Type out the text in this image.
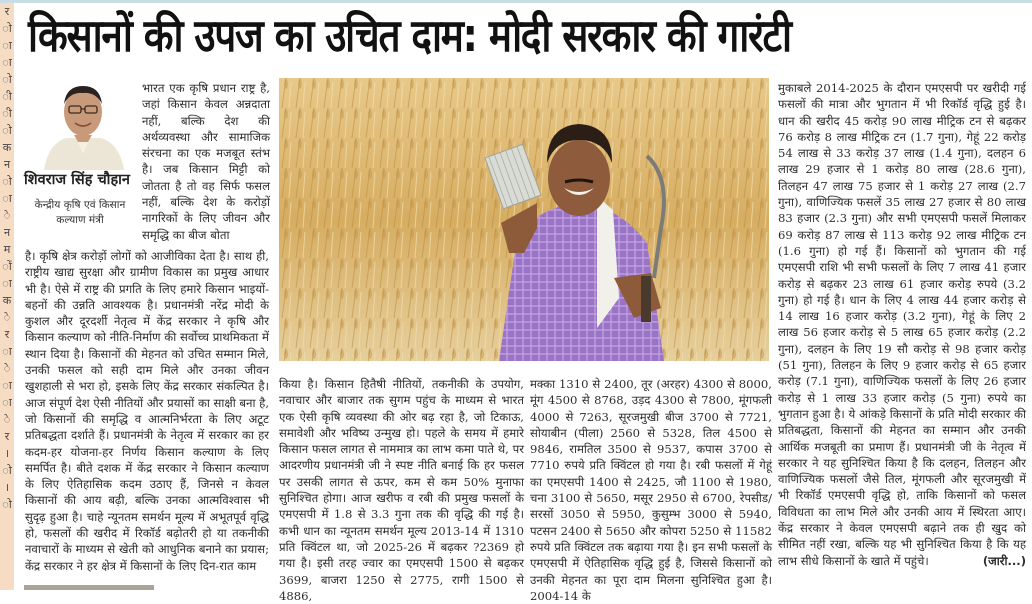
र
ो
ा
ा
ो
ी
ी
ो
क
न
ो
ा
े
न
म
ों
ा
क
े
र
ा
े
ा
ा
े
र
।
ो
।
ो
किसानों की उपज का उचित दाम: मोदी सरकार की गारंटी
शिवराज सिंह चौहान
केन्द्रीय कृषि एवं किसान कल्याण मंत्री

भारत एक कृषि प्रधान राष्ट्र है, जहां किसान केवल अन्नदाता नहीं, बल्कि देश की अर्थव्यवस्था और सामाजिक संरचना का एक मजबूत स्तंभ है। जब किसान मिट्टी को जोतता है तो वह सिर्फ फसल नहीं, बल्कि देश के करोड़ों नागरिकों के लिए जीवन और समृद्धि का बीज बोता

है। कृषि क्षेत्र करोड़ों लोगों को आजीविका देता है। साथ ही, राष्ट्रीय खाद्य सुरक्षा और ग्रामीण विकास का प्रमुख आधार भी है। ऐसे में राष्ट्र की प्रगति के लिए हमारे किसान भाइयों- बहनों की उन्नति आवश्यक है। प्रधानमंत्री नरेंद्र मोदी के कुशल और दूरदर्शी नेतृत्व में केंद्र सरकार ने कृषि और किसान कल्याण को नीति-निर्माण की सर्वोच्च प्राथमिकता में स्थान दिया है। किसानों की मेहनत को उचित सम्मान मिले, उनकी फसल को सही दाम मिले और उनका जीवन खुशहाली से भरा हो, इसके लिए केंद्र सरकार संकल्पित है। आज संपूर्ण देश ऐसी नीतियों और प्रयासों का साक्षी बना है, जो किसानों की समृद्धि व आत्मनिर्भरता के लिए अटूट प्रतिबद्धता दर्शाते हैं। प्रधानमंत्री के नेतृत्व में सरकार का हर कदम-हर योजना-हर निर्णय किसान कल्याण के लिए समर्पित है। बीते दशक में केंद्र सरकार ने किसान कल्याण के लिए ऐतिहासिक कदम उठाए हैं, जिनसे न केवल किसानों की आय बढ़ी, बल्कि उनका आत्मविश्वास भी सुदृढ़ हुआ है। चाहे न्यूनतम समर्थन मूल्य में अभूतपूर्व वृद्धि हो, फसलों की खरीद में रिकॉर्ड बढ़ोतरी हो या तकनीकी नवाचारों के माध्यम से खेती को आधुनिक बनाने का प्रयास; केंद्र सरकार ने हर क्षेत्र में किसानों के लिए दिन-रात काम

किया है। किसान हितैषी नीतियों, तकनीकी के उपयोग, नवाचार और बाजार तक सुगम पहुंच के माध्यम से भारत एक ऐसी कृषि व्यवस्था की ओर बढ़ रहा है, जो टिकाऊ, समावेशी और भविष्य उन्मुख हो। पहले के समय में हमारे किसान फसल लागत से नाममात्र का लाभ कमा पाते थे, पर आदरणीय प्रधानमंत्री जी ने स्पष्ट नीति बनाई कि हर फसल पर उसकी लागत से ऊपर, कम से कम 50% मुनाफा सुनिश्चित होगा। आज खरीफ व रबी की प्रमुख फसलों के एमएसपी में 1.8 से 3.3 गुना तक की वृद्धि की गई है। कभी धान का न्यूनतम समर्थन मूल्य 2013-14 में 1310 प्रति क्विंटल था, जो 2025-26 में बढ़कर ?2369 हो गया है। इसी तरह ज्वार का एमएसपी 1500 से बढ़कर 3699, बाजरा 1250 से 2775, रागी 1500 से 4886,

मक्का 1310 से 2400, तूर (अरहर) 4300 से 8000, मूंग 4500 से 8768, उड़द 4300 से 7800, मूंगफली 4000 से 7263, सूरजमुखी बीज 3700 से 7721, सोयाबीन (पीला) 2560 से 5328, तिल 4500 से 9846, रामतिल 3500 से 9537, कपास 3700 से 7710 रुपये प्रति क्विंटल हो गया है। रबी फसलों में गेहूं का एमएसपी 1400 से 2425, जौ 1100 से 1980, चना 3100 से 5650, मसूर 2950 से 6700, रेपसीड/सरसों 3050 से 5950, कुसुम्भ 3000 से 5940, पटसन 2400 से 5650 और कोपरा 5250 से 11582 रुपये प्रति क्विंटल तक बढ़ाया गया है। इन सभी फसलों के एमएसपी में ऐतिहासिक वृद्धि हुई है, जिससे किसानों को उनकी मेहनत का पूरा दाम मिलना सुनिश्चित हुआ है। 2004-14 के

मुकाबले 2014-2025 के दौरान एमएसपी पर खरीदी गई फसलों की मात्रा और भुगतान में भी रिकॉर्ड वृद्धि हुई है। धान की खरीद 45 करोड़ 90 लाख मीट्रिक टन से बढ़कर 76 करोड़ 8 लाख मीट्रिक टन (1.7 गुना), गेहूं 22 करोड़ 54 लाख से 33 करोड़ 37 लाख (1.4 गुना), दलहन 6 लाख 29 हजार से 1 करोड़ 80 लाख (28.6 गुना), तिलहन 47 लाख 75 हजार से 1 करोड़ 27 लाख (2.7 गुना), वाणिज्यिक फसलें 35 लाख 27 हजार से 80 लाख 83 हजार (2.3 गुना) और सभी एमएसपी फसलें मिलाकर 69 करोड़ 87 लाख से 113 करोड़ 92 लाख मीट्रिक टन (1.6 गुना) हो गई हैं। किसानों को भुगतान की गई एमएसपी राशि भी सभी फसलों के लिए 7 लाख 41 हजार करोड़ से बढ़कर 23 लाख 61 हजार करोड़ रुपये (3.2 गुना) हो गई है। धान के लिए 4 लाख 44 हजार करोड़ से 14 लाख 16 हजार करोड़ (3.2 गुना), गेहूं के लिए 2 लाख 56 हजार करोड़ से 5 लाख 65 हजार करोड़ (2.2 गुना), दलहन के लिए 19 सौ करोड़ से 98 हजार करोड़ (51 गुना), तिलहन के लिए 9 हजार करोड़ से 65 हजार करोड़ (7.1 गुना), वाणिज्यिक फसलों के लिए 26 हजार करोड़ से 1 लाख 33 हजार करोड़ (5 गुना) रुपये का भुगतान हुआ है। ये आंकड़े किसानों के प्रति मोदी सरकार की प्रतिबद्धता, किसानों की मेहनत का सम्मान और उनकी आर्थिक मजबूती का प्रमाण हैं। प्रधानमंत्री जी के नेतृत्व में सरकार ने यह सुनिश्चित किया है कि दलहन, तिलहन और वाणिज्यिक फसलों जैसे तिल, मूंगफली और सूरजमुखी में भी रिकॉर्ड एमएसपी वृद्धि हो, ताकि किसानों को फसल विविधता का लाभ मिले और उनकी आय में स्थिरता आए। केंद्र सरकार ने केवल एमएसपी बढ़ाने तक ही खुद को सीमित नहीं रखा, बल्कि यह भी सुनिश्चित किया है कि यह लाभ सीधे किसानों के खाते में पहुंचे।	(जारी...)
